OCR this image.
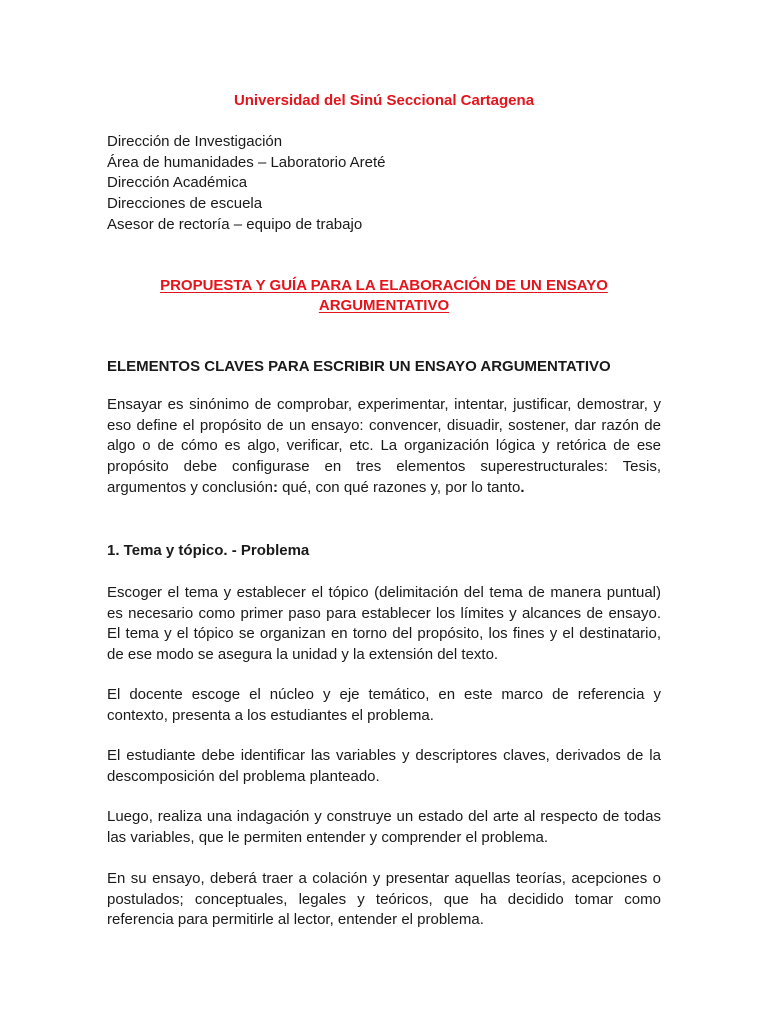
Universidad del Sinú Seccional Cartagena
Dirección de Investigación
Área de humanidades – Laboratorio Areté
Dirección Académica
Direcciones de escuela
Asesor de rectoría – equipo de trabajo
PROPUESTA Y GUÍA PARA LA ELABORACIÓN DE UN ENSAYO
ARGUMENTATIVO
ELEMENTOS CLAVES PARA ESCRIBIR UN ENSAYO ARGUMENTATIVO
Ensayar es sinónimo de comprobar, experimentar, intentar, justificar, demostrar, y eso define el propósito de un ensayo: convencer, disuadir, sostener, dar razón de algo o de cómo es algo, verificar, etc. La organización lógica y retórica de ese propósito debe configurase en tres elementos superestructurales: Tesis, argumentos y conclusión: qué, con qué razones y, por lo tanto.
1. Tema y tópico. - Problema
Escoger el tema y establecer el tópico (delimitación del tema de manera puntual) es necesario como primer paso para establecer los límites y alcances de ensayo. El tema y el tópico se organizan en torno del propósito, los fines y el destinatario, de ese modo se asegura la unidad y la extensión del texto.
El docente escoge el núcleo y eje temático, en este marco de referencia y contexto, presenta a los estudiantes el problema.
El estudiante debe identificar las variables y descriptores claves, derivados de la descomposición del problema planteado.
Luego, realiza una indagación y construye un estado del arte al respecto de todas las variables, que le permiten entender y comprender el problema.
En su ensayo, deberá traer a colación y presentar aquellas teorías, acepciones o postulados; conceptuales, legales y teóricos, que ha decidido tomar como referencia para permitirle al lector, entender el problema.
